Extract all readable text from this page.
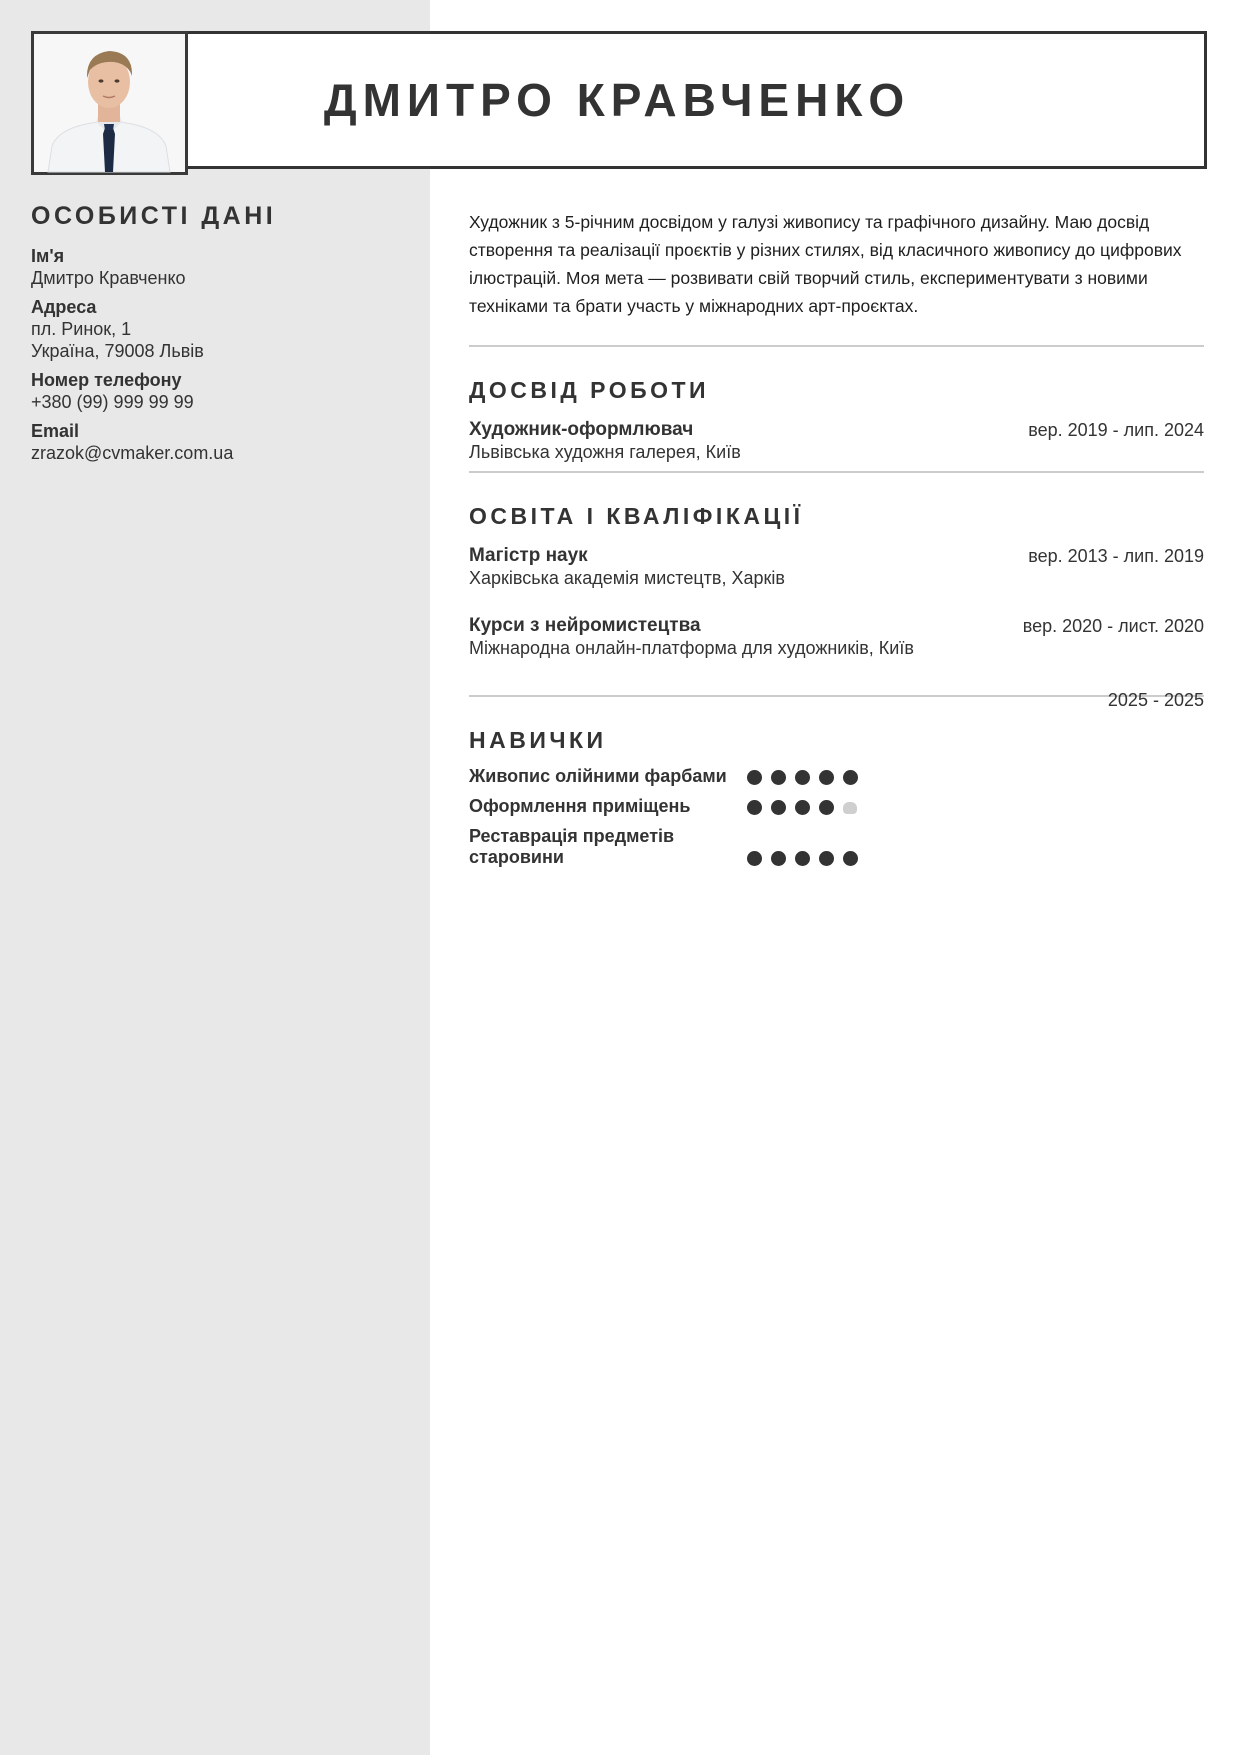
ДМИТРО КРАВЧЕНКО
ОСОБИСТІ ДАНІ
Ім'я
Дмитро Кравченко
Адреса
пл. Ринок, 1
Україна, 79008 Львів
Номер телефону
+380 (99) 999 99 99
Email
zrazok@cvmaker.com.ua
Художник з 5-річним досвідом у галузі живопису та графічного дизайну. Маю досвід створення та реалізації проєктів у різних стилях, від класичного живопису до цифрових ілюстрацій. Моя мета — розвивати свій творчий стиль, експериментувати з новими техніками та брати участь у міжнародних арт-проєктах.
ДОСВІД РОБОТИ
Художник-оформлювач	вер. 2019 - лип. 2024
Львівська художня галерея, Київ
ОСВІТА І КВАЛІФІКАЦІЇ
Магістр наук	вер. 2013 - лип. 2019
Харківська академія мистецтв, Харків
Курси з нейромистецтва	вер. 2020 - лист. 2020
Міжнародна онлайн-платформа для художників, Київ
2025 - 2025
НАВИЧКИ
Живопис олійними фарбами
Оформлення приміщень
Реставрація предметів старовини
